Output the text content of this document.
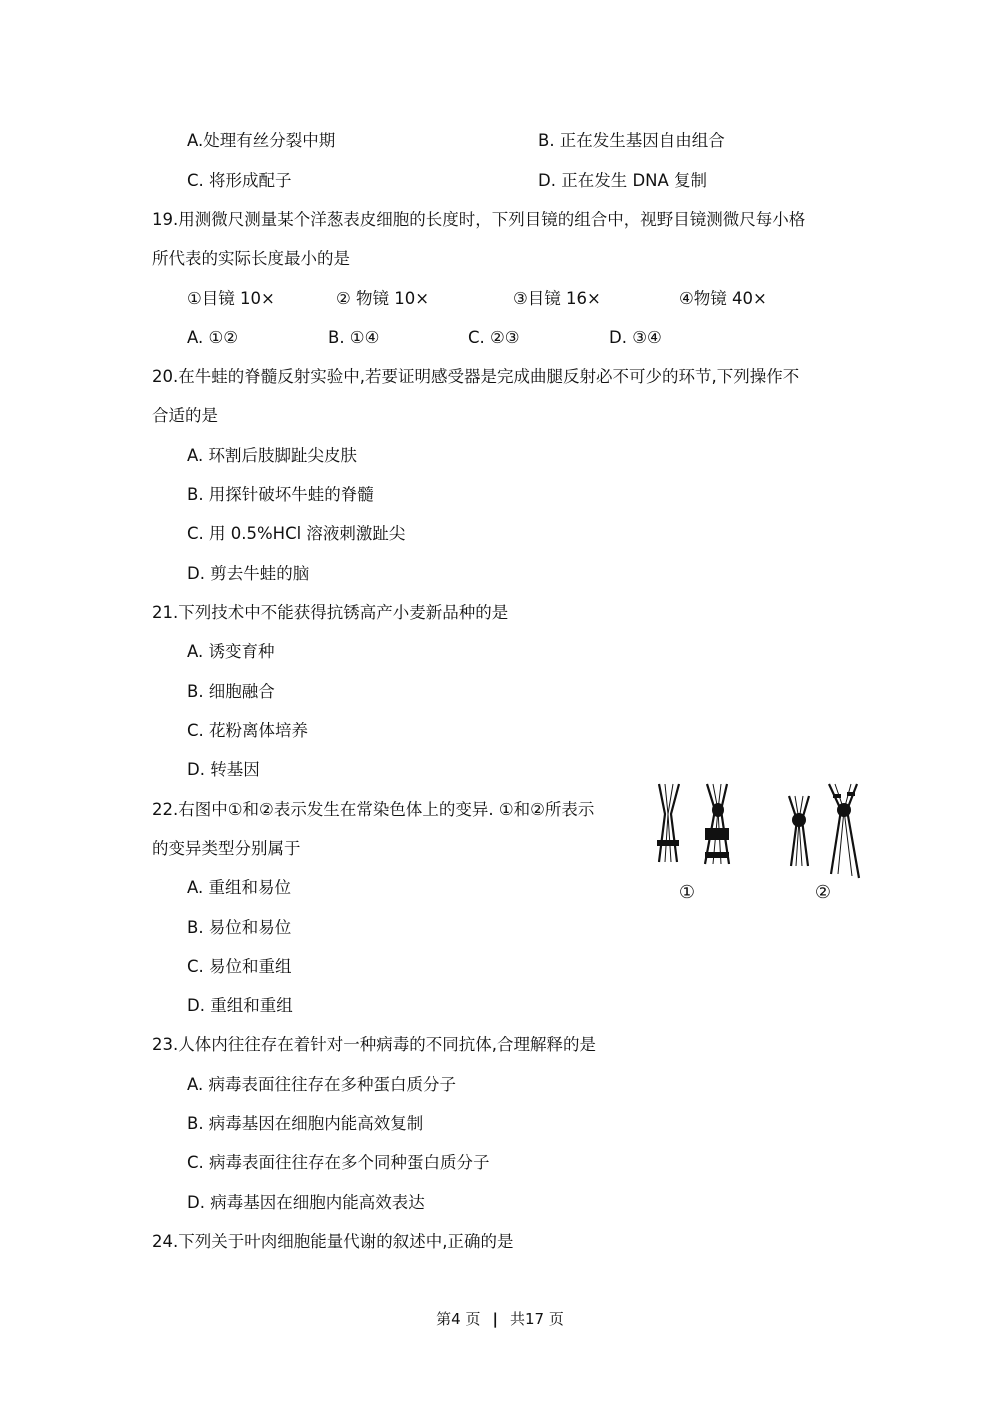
A.处理有丝分裂中期	B. 正在发生基因自由组合
C. 将形成配子	D. 正在发生 DNA 复制
19.用测微尺测量某个洋葱表皮细胞的长度时，下列目镜的组合中，视野目镜测微尺每小格
所代表的实际长度最小的是
①目镜 10×	② 物镜 10×	③目镜 16×	④物镜 40×
A. ①②	B. ①④	C. ②③	D. ③④
20.在牛蛙的脊髓反射实验中,若要证明感受器是完成曲腿反射必不可少的环节,下列操作不
合适的是
A. 环割后肢脚趾尖皮肤
B. 用探针破坏牛蛙的脊髓
C. 用 0.5%HCl 溶液刺激趾尖
D. 剪去牛蛙的脑
21.下列技术中不能获得抗锈高产小麦新品种的是
A. 诱变育种
B. 细胞融合
C. 花粉离体培养
D. 转基因
22.右图中①和②表示发生在常染色体上的变异. ①和②所表示
的变异类型分别属于
A. 重组和易位
B. 易位和易位
C. 易位和重组
D. 重组和重组
①	②
23.人体内往往存在着针对一种病毒的不同抗体,合理解释的是
A. 病毒表面往往存在多种蛋白质分子
B. 病毒基因在细胞内能高效复制
C. 病毒表面往往存在多个同种蛋白质分子
D. 病毒基因在细胞内能高效表达
24.下列关于叶肉细胞能量代谢的叙述中,正确的是
第4 页 | 共17 页
